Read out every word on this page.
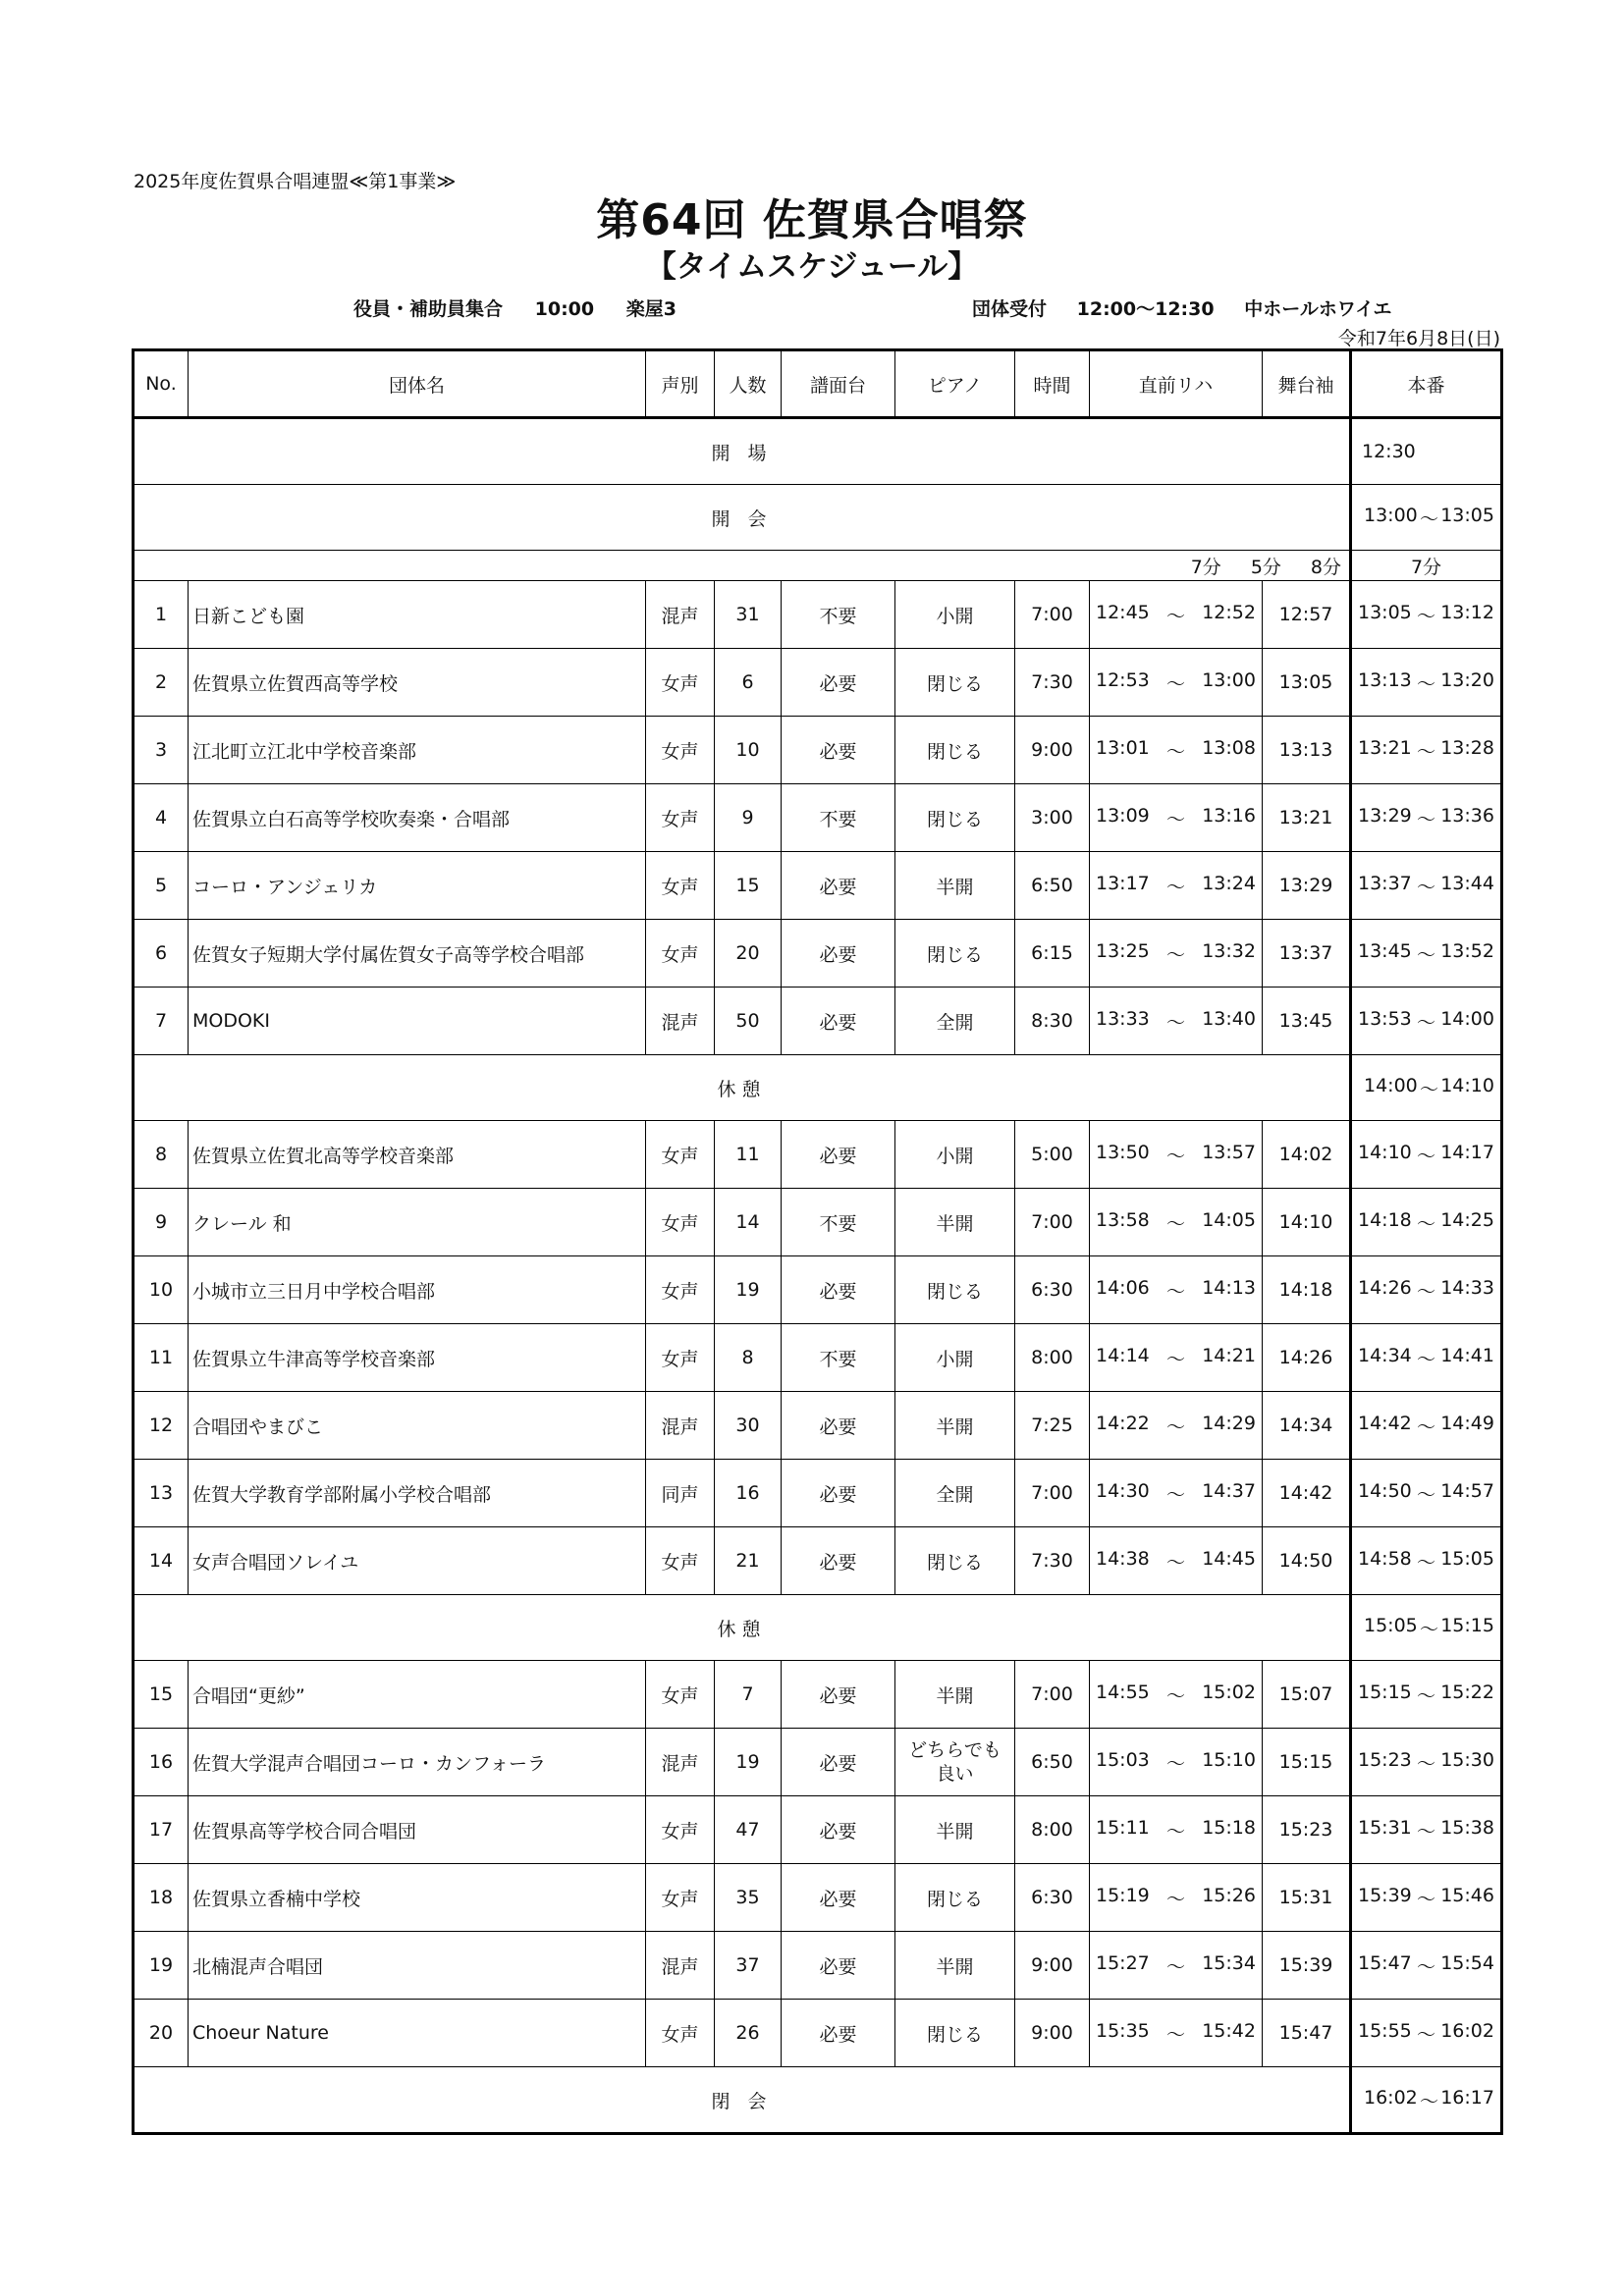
2025年度佐賀県合唱連盟≪第1事業≫
第64回 佐賀県合唱祭
【タイムスケジュール】
役員・補助員集合 10:00 楽屋3	団体受付 12:00～12:30 中ホールホワイエ
令和7年6月8日(日)
No.	団体名	声別	人数	譜面台	ピアノ	時間	直前リハ	舞台袖	本番
開 場									12:30
開 会									13:00 ～ 13:05

7分 5分 8分									7分
1	日新こども園	混声	31	不要	小開	7:00	12:45 ～ 12:52	12:57	13:05 ～ 13:12

2	佐賀県立佐賀西高等学校	女声	6	必要	閉じる	7:30	12:53 ～ 13:00	13:05	13:13 ～ 13:20

3	江北町立江北中学校音楽部	女声	10	必要	閉じる	9:00	13:01 ～ 13:08	13:13	13:21 ～ 13:28

4	佐賀県立白石高等学校吹奏楽・合唱部	女声	9	不要	閉じる	3:00	13:09 ～ 13:16	13:21	13:29 ～ 13:36

5	コーロ・アンジェリカ	女声	15	必要	半開	6:50	13:17 ～ 13:24	13:29	13:37 ～ 13:44

6	佐賀女子短期大学付属佐賀女子高等学校合唱部	女声	20	必要	閉じる	6:15	13:25 ～ 13:32	13:37	13:45 ～ 13:52

7	MODOKI	混声	50	必要	全開	8:30	13:33 ～ 13:40	13:45	13:53 ～ 14:00

休憩									14:00 ～ 14:10

8	佐賀県立佐賀北高等学校音楽部	女声	11	必要	小開	5:00	13:50 ～ 13:57	14:02	14:10 ～ 14:17

9	クレール 和	女声	14	不要	半開	7:00	13:58 ～ 14:05	14:10	14:18 ～ 14:25

10	小城市立三日月中学校合唱部	女声	19	必要	閉じる	6:30	14:06 ～ 14:13	14:18	14:26 ～ 14:33

11	佐賀県立牛津高等学校音楽部	女声	8	不要	小開	8:00	14:14 ～ 14:21	14:26	14:34 ～ 14:41

12	合唱団やまびこ	混声	30	必要	半開	7:25	14:22 ～ 14:29	14:34	14:42 ～ 14:49

13	佐賀大学教育学部附属小学校合唱部	同声	16	必要	全開	7:00	14:30 ～ 14:37	14:42	14:50 ～ 14:57

14	女声合唱団ソレイユ	女声	21	必要	閉じる	7:30	14:38 ～ 14:45	14:50	14:58 ～ 15:05

休憩									15:05 ～ 15:15

15	合唱団“更紗”	女声	7	必要	半開	7:00	14:55 ～ 15:02	15:07	15:15 ～ 15:22

16	佐賀大学混声合唱団コーロ・カンフォーラ	混声	19	必要	どちらでも良い	6:50	15:03 ～ 15:10	15:15	15:23 ～ 15:30

17	佐賀県高等学校合同合唱団	女声	47	必要	半開	8:00	15:11 ～ 15:18	15:23	15:31 ～ 15:38

18	佐賀県立香楠中学校	女声	35	必要	閉じる	6:30	15:19 ～ 15:26	15:31	15:39 ～ 15:46

19	北楠混声合唱団	混声	37	必要	半開	9:00	15:27 ～ 15:34	15:39	15:47 ～ 15:54

20	Choeur Nature	女声	26	必要	閉じる	9:00	15:35 ～ 15:42	15:47	15:55 ～ 16:02

閉 会									16:02 ～ 16:17
